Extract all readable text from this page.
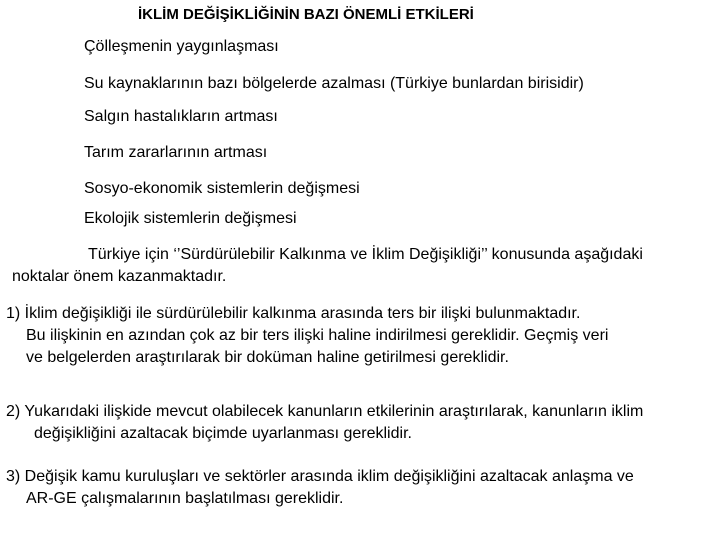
İKLİM DEĞİŞİKLİĞİNİN BAZI ÖNEMLİ ETKİLERİ
Çölleşmenin yaygınlaşması
Su kaynaklarının bazı bölgelerde azalması (Türkiye bunlardan birisidir)
Salgın hastalıkların artması
Tarım zararlarının artması
Sosyo-ekonomik sistemlerin değişmesi
Ekolojik sistemlerin değişmesi
Türkiye için ‘’Sürdürülebilir Kalkınma ve İklim Değişikliği’’ konusunda aşağıdaki
noktalar önem kazanmaktadır.
1) İklim değişikliği ile sürdürülebilir kalkınma arasında ters bir ilişki bulunmaktadır.
Bu ilişkinin en azından çok az bir ters ilişki haline indirilmesi gereklidir. Geçmiş veri
ve belgelerden araştırılarak bir doküman haline getirilmesi gereklidir.
2) Yukarıdaki ilişkide mevcut olabilecek kanunların etkilerinin araştırılarak, kanunların iklim
değişikliğini azaltacak biçimde uyarlanması gereklidir.
3) Değişik kamu kuruluşları ve sektörler arasında iklim değişikliğini azaltacak anlaşma ve
AR-GE çalışmalarının başlatılması gereklidir.
